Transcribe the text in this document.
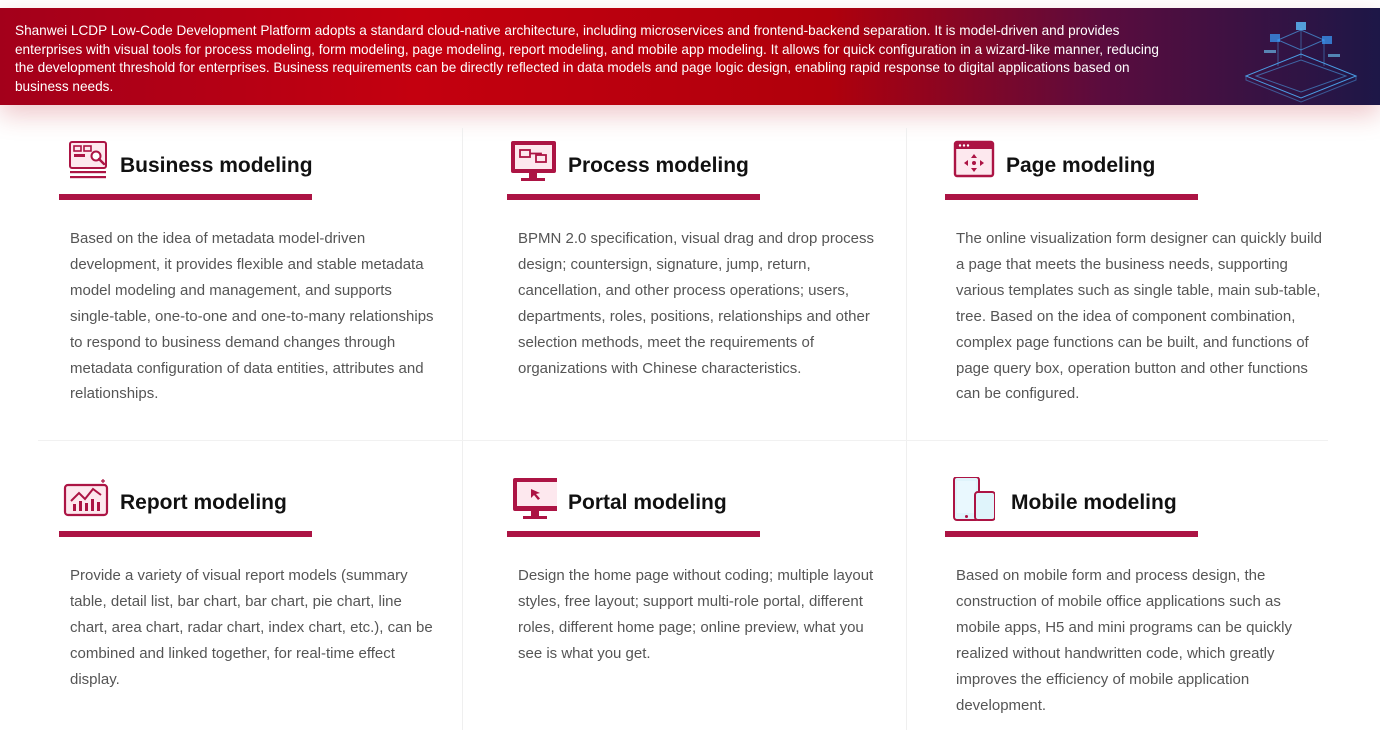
Shanwei LCDP Low-Code Development Platform adopts a standard cloud-native architecture, including microservices and frontend-backend separation. It is model-driven and provides enterprises with visual tools for process modeling, form modeling, page modeling, report modeling, and mobile app modeling. It allows for quick configuration in a wizard-like manner, reducing the development threshold for enterprises. Business requirements can be directly reflected in data models and page logic design, enabling rapid response to digital applications based on business needs.

Business modeling

Based on the idea of metadata model-driven development, it provides flexible and stable metadata model modeling and management, and supports single-table, one-to-one and one-to-many relationships to respond to business demand changes through metadata configuration of data entities, attributes and relationships.

Process modeling

BPMN 2.0 specification, visual drag and drop process design; countersign, signature, jump, return, cancellation, and other process operations; users, departments, roles, positions, relationships and other selection methods, meet the requirements of organizations with Chinese characteristics.

Page modeling

The online visualization form designer can quickly build a page that meets the business needs, supporting various templates such as single table, main sub-table, tree. Based on the idea of component combination, complex page functions can be built, and functions of page query box, operation button and other functions can be configured.

Report modeling

Provide a variety of visual report models (summary table, detail list, bar chart, bar chart, pie chart, line chart, area chart, radar chart, index chart, etc.), can be combined and linked together, for real-time effect display.

Portal modeling

Design the home page without coding; multiple layout styles, free layout; support multi-role portal, different roles, different home page; online preview, what you see is what you get.

Mobile modeling

Based on mobile form and process design, the construction of mobile office applications such as mobile apps, H5 and mini programs can be quickly realized without handwritten code, which greatly improves the efficiency of mobile application development.
